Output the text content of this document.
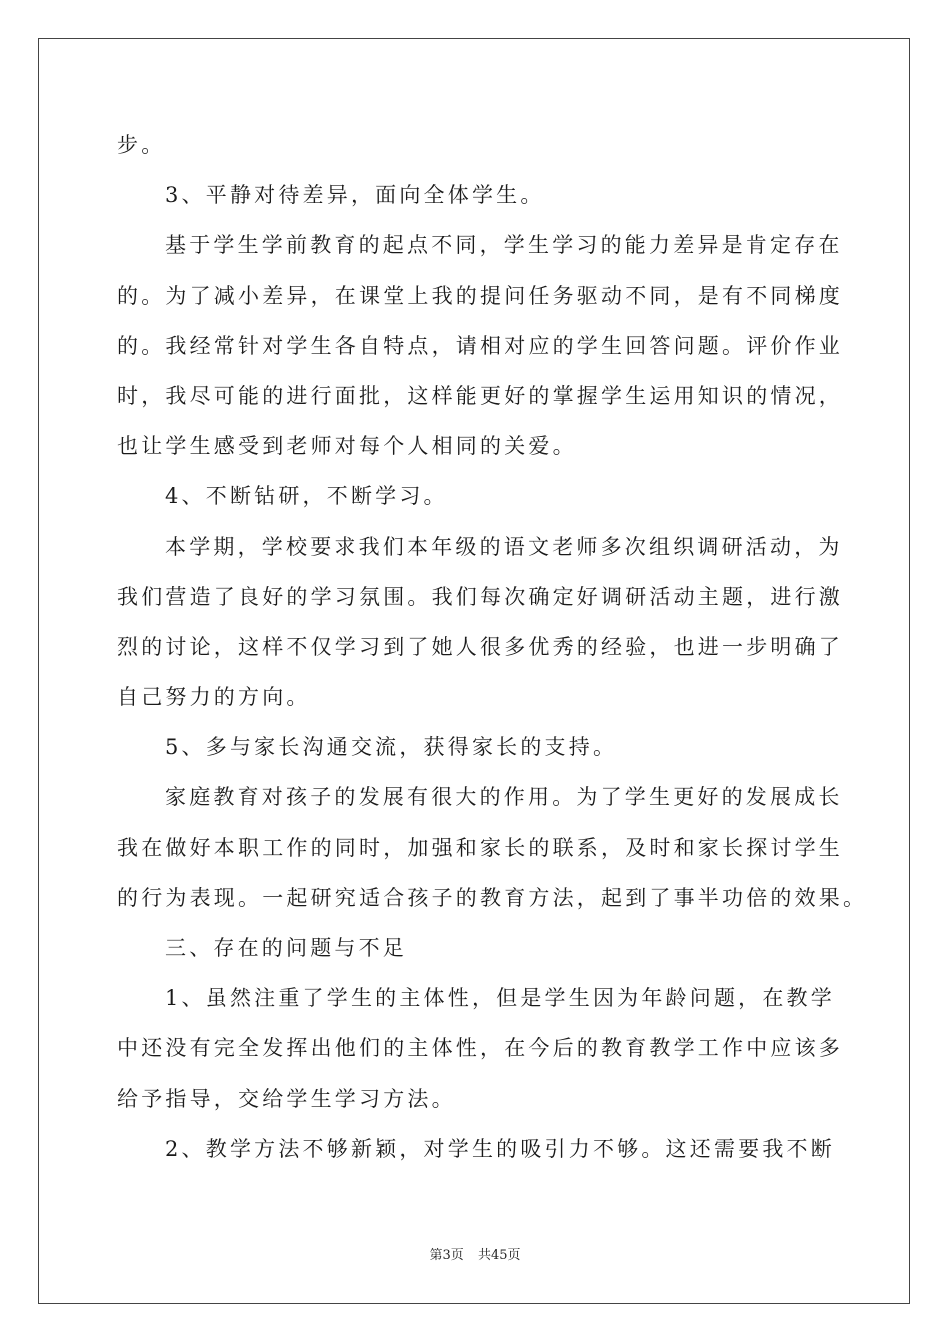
步。
3、平静对待差异，面向全体学生。
基于学生学前教育的起点不同，学生学习的能力差异是肯定存在
的。为了减小差异，在课堂上我的提问任务驱动不同，是有不同梯度
的。我经常针对学生各自特点，请相对应的学生回答问题。评价作业
时，我尽可能的进行面批，这样能更好的掌握学生运用知识的情况，
也让学生感受到老师对每个人相同的关爱。
4、不断钻研，不断学习。
本学期，学校要求我们本年级的语文老师多次组织调研活动，为
我们营造了良好的学习氛围。我们每次确定好调研活动主题，进行激
烈的讨论，这样不仅学习到了她人很多优秀的经验，也进一步明确了
自己努力的方向。
5、多与家长沟通交流，获得家长的支持。
家庭教育对孩子的发展有很大的作用。为了学生更好的发展成长
我在做好本职工作的同时，加强和家长的联系，及时和家长探讨学生
的行为表现。一起研究适合孩子的教育方法，起到了事半功倍的效果。
三、存在的问题与不足
1、虽然注重了学生的主体性，但是学生因为年龄问题，在教学
中还没有完全发挥出他们的主体性，在今后的教育教学工作中应该多
给予指导，交给学生学习方法。
2、教学方法不够新颖，对学生的吸引力不够。这还需要我不断
第3页 共45页
